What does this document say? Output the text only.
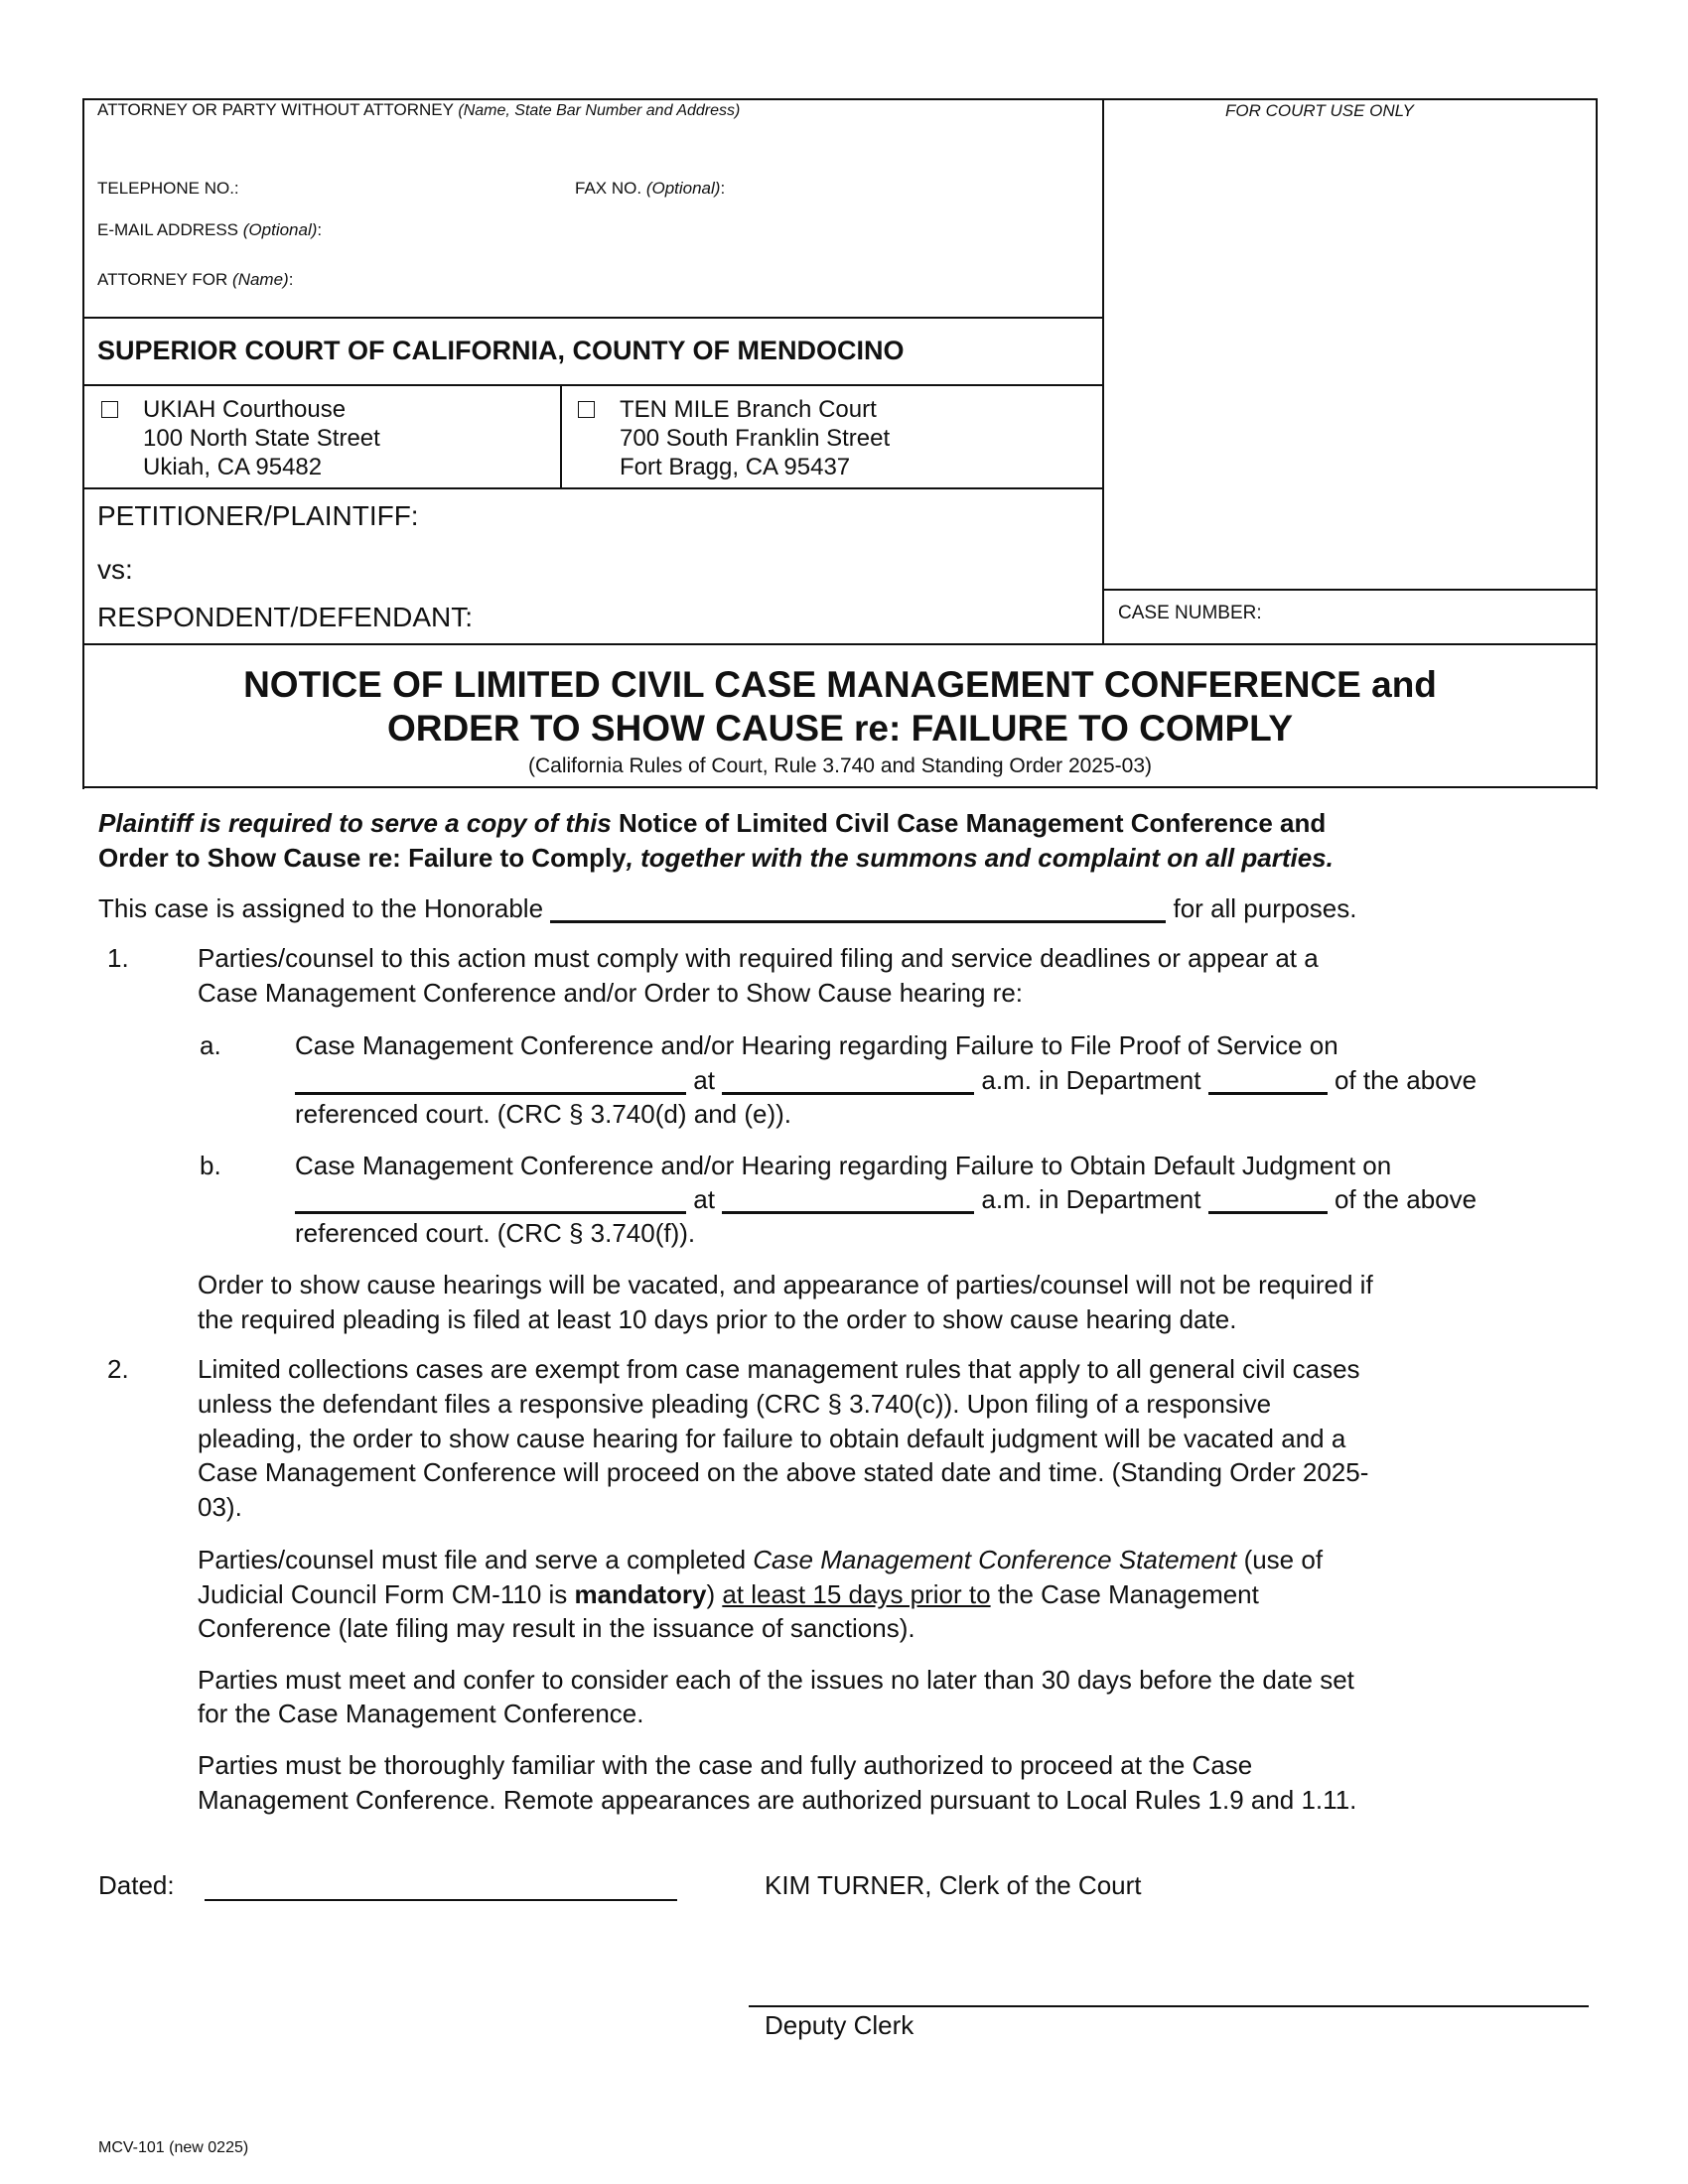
ATTORNEY OR PARTY WITHOUT ATTORNEY (Name, State Bar Number and Address)	FOR COURT USE ONLY
TELEPHONE NO.:	FAX NO. (Optional):
E-MAIL ADDRESS (Optional):
ATTORNEY FOR (Name):
SUPERIOR COURT OF CALIFORNIA, COUNTY OF MENDOCINO
UKIAH Courthouse
100 North State Street
Ukiah, CA 95482
TEN MILE Branch Court
700 South Franklin Street
Fort Bragg, CA 95437
PETITIONER/PLAINTIFF:
vs:
RESPONDENT/DEFENDANT:	CASE NUMBER:
NOTICE OF LIMITED CIVIL CASE MANAGEMENT CONFERENCE and
ORDER TO SHOW CAUSE re: FAILURE TO COMPLY
(California Rules of Court, Rule 3.740 and Standing Order 2025-03)
Plaintiff is required to serve a copy of this Notice of Limited Civil Case Management Conference and
Order to Show Cause re: Failure to Comply, together with the summons and complaint on all parties.
This case is assigned to the Honorable	for all purposes.
1.	Parties/counsel to this action must comply with required filing and service deadlines or appear at a
Case Management Conference and/or Order to Show Cause hearing re:
a.	Case Management Conference and/or Hearing regarding Failure to File Proof of Service on
at	a.m. in Department	of the above
referenced court. (CRC § 3.740(d) and (e)).
b.	Case Management Conference and/or Hearing regarding Failure to Obtain Default Judgment on
at	a.m. in Department	of the above
referenced court. (CRC § 3.740(f)).
Order to show cause hearings will be vacated, and appearance of parties/counsel will not be required if
the required pleading is filed at least 10 days prior to the order to show cause hearing date.
2.	Limited collections cases are exempt from case management rules that apply to all general civil cases
unless the defendant files a responsive pleading (CRC § 3.740(c)). Upon filing of a responsive
pleading, the order to show cause hearing for failure to obtain default judgment will be vacated and a
Case Management Conference will proceed on the above stated date and time. (Standing Order 2025-
03).
Parties/counsel must file and serve a completed Case Management Conference Statement (use of
Judicial Council Form CM-110 is mandatory) at least 15 days prior to the Case Management
Conference (late filing may result in the issuance of sanctions).
Parties must meet and confer to consider each of the issues no later than 30 days before the date set
for the Case Management Conference.
Parties must be thoroughly familiar with the case and fully authorized to proceed at the Case
Management Conference. Remote appearances are authorized pursuant to Local Rules 1.9 and 1.11.
Dated:	KIM TURNER, Clerk of the Court
Deputy Clerk
MCV-101 (new 0225)
